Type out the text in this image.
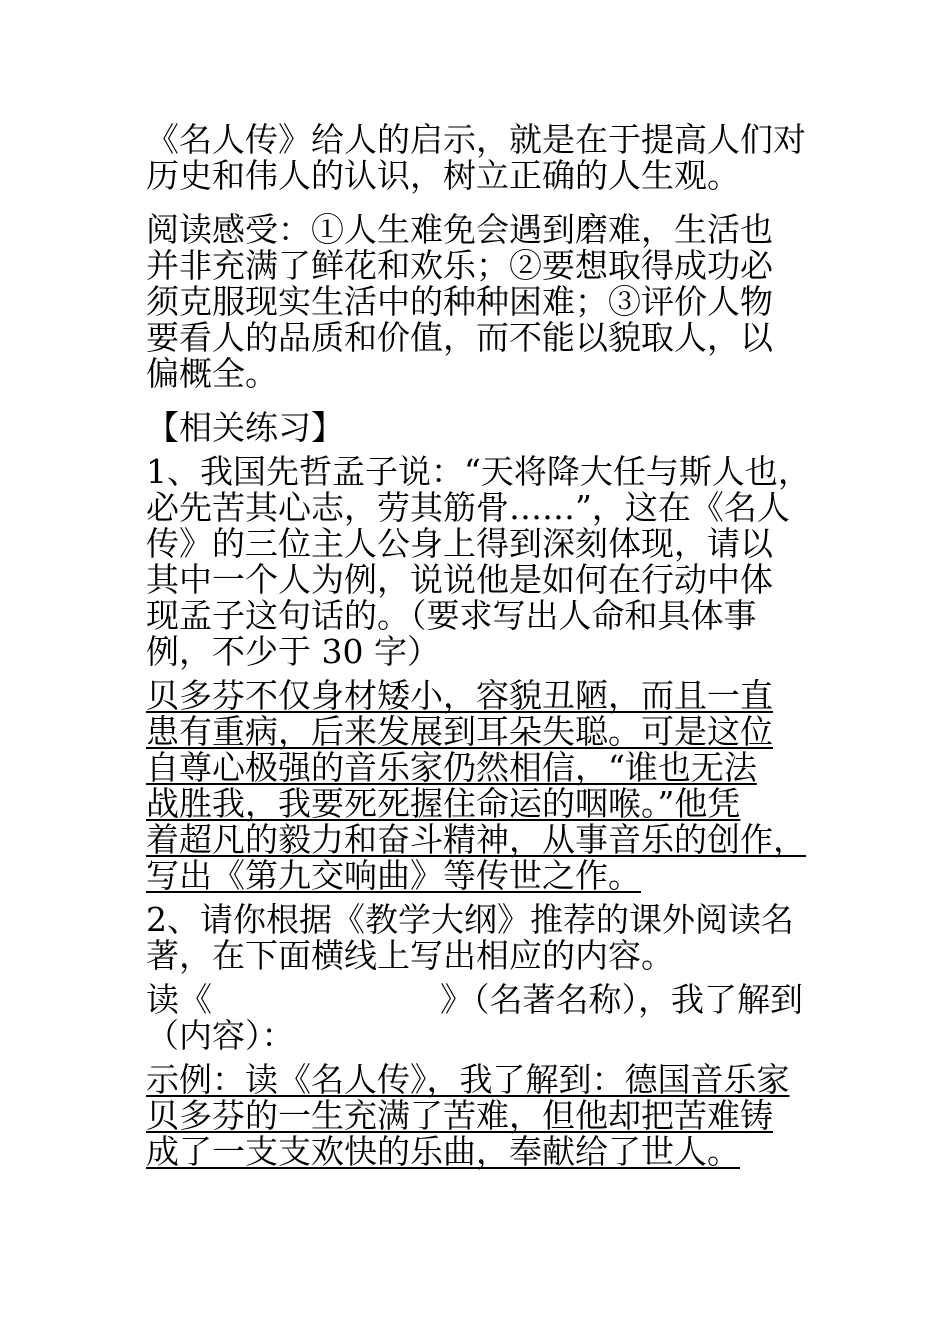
《名人传》给人的启示，就是在于提高人们对
历史和伟人的认识，树立正确的人生观。

阅读感受：①人生难免会遇到磨难，生活也
并非充满了鲜花和欢乐；②要想取得成功必
须克服现实生活中的种种困难；③评价人物
要看人的品质和价值，而不能以貌取人，以
偏概全。

【相关练习】

1、我国先哲孟子说：“天将降大任与斯人也，
必先苦其心志，劳其筋骨……”，这在《名人
传》的三位主人公身上得到深刻体现，请以
其中一个人为例，说说他是如何在行动中体
现孟子这句话的。（要求写出人命和具体事
例，不少于 30 字）

贝多芬不仅身材矮小，容貌丑陋，而且一直
患有重病，后来发展到耳朵失聪。可是这位
自尊心极强的音乐家仍然相信，“谁也无法
战胜我，我要死死握住命运的咽喉。”他凭
着超凡的毅力和奋斗精神，从事音乐的创作，
写出《第九交响曲》等传世之作。

2、请你根据《教学大纲》推荐的课外阅读名
著，在下面横线上写出相应的内容。

读《	》（名著名称），我了解到
（内容）：

示例：读《名人传》，我了解到：德国音乐家
贝多芬的一生充满了苦难，但他却把苦难铸
成了一支支欢快的乐曲，奉献给了世人。
